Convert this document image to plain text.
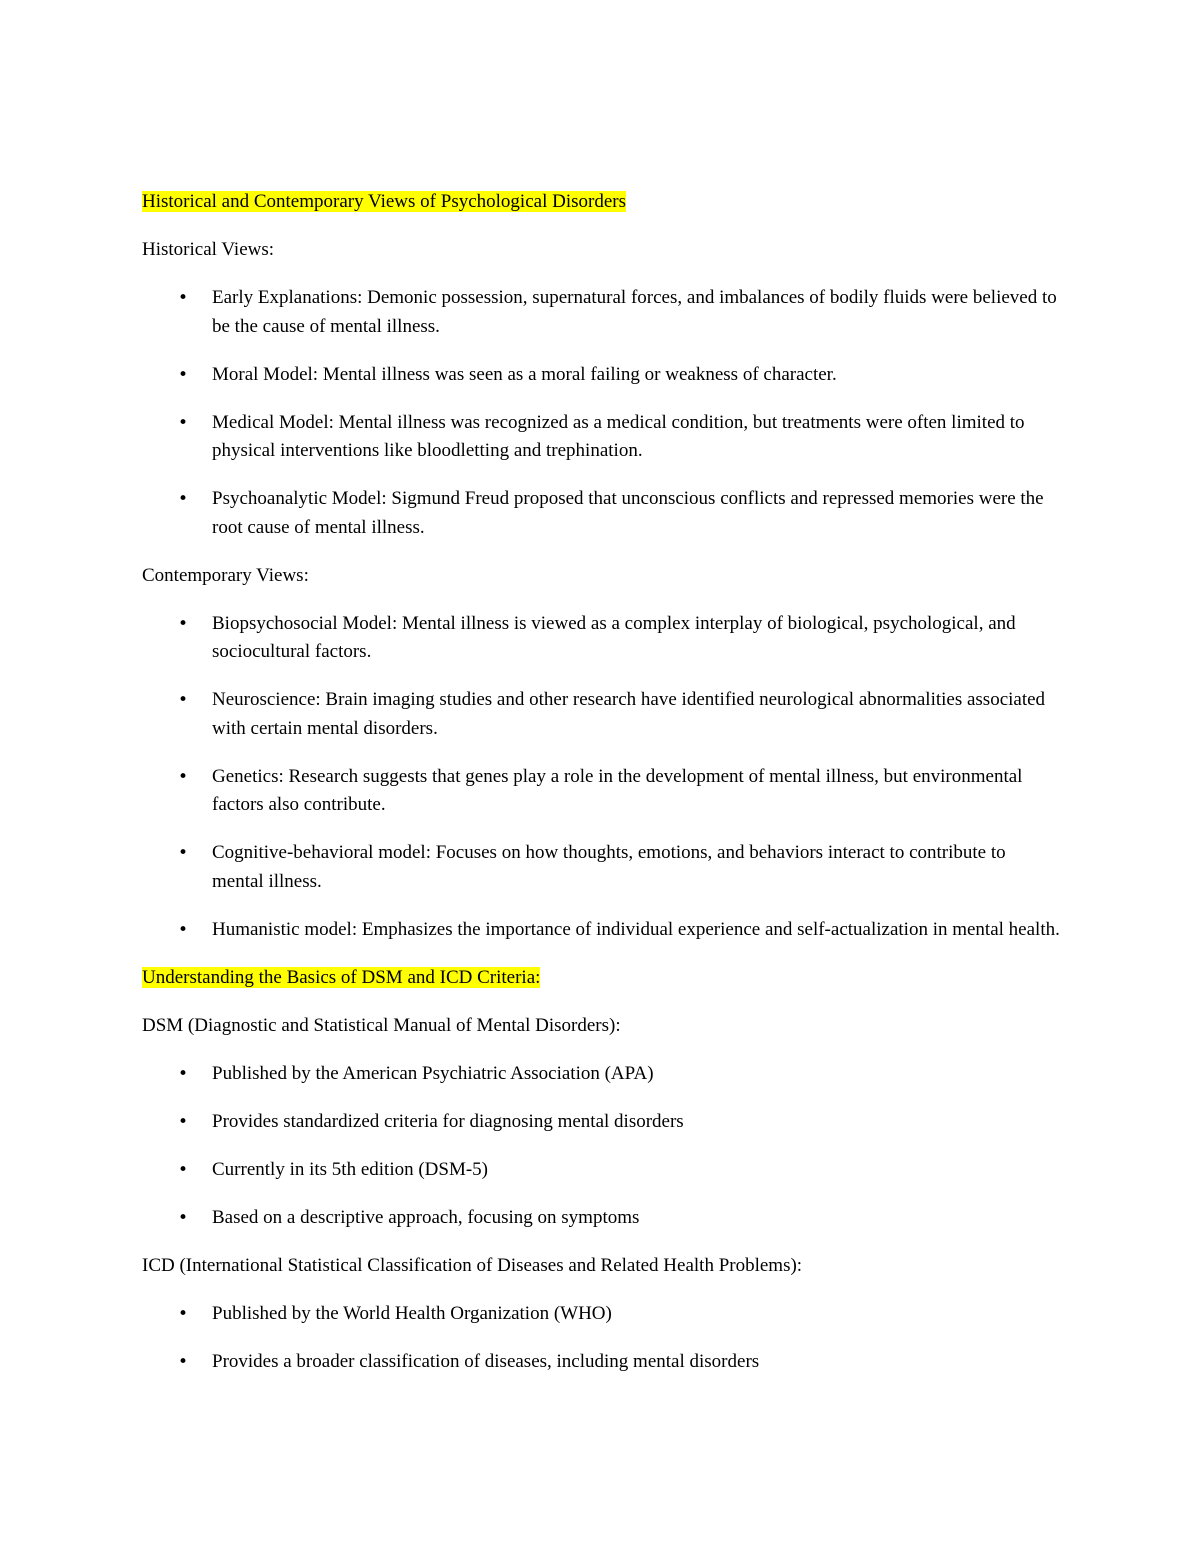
Historical and Contemporary Views of Psychological Disorders
Historical Views:
• Early Explanations: Demonic possession, supernatural forces, and imbalances of bodily fluids were believed to be the cause of mental illness.
• Moral Model: Mental illness was seen as a moral failing or weakness of character.
• Medical Model: Mental illness was recognized as a medical condition, but treatments were often limited to physical interventions like bloodletting and trephination.
• Psychoanalytic Model: Sigmund Freud proposed that unconscious conflicts and repressed memories were the root cause of mental illness.
Contemporary Views:
• Biopsychosocial Model: Mental illness is viewed as a complex interplay of biological, psychological, and sociocultural factors.
• Neuroscience: Brain imaging studies and other research have identified neurological abnormalities associated with certain mental disorders.
• Genetics: Research suggests that genes play a role in the development of mental illness, but environmental factors also contribute.
• Cognitive-behavioral model: Focuses on how thoughts, emotions, and behaviors interact to contribute to mental illness.
• Humanistic model: Emphasizes the importance of individual experience and self-actualization in mental health.
Understanding the Basics of DSM and ICD Criteria:
DSM (Diagnostic and Statistical Manual of Mental Disorders):
• Published by the American Psychiatric Association (APA)
• Provides standardized criteria for diagnosing mental disorders
• Currently in its 5th edition (DSM-5)
• Based on a descriptive approach, focusing on symptoms
ICD (International Statistical Classification of Diseases and Related Health Problems):
• Published by the World Health Organization (WHO)
• Provides a broader classification of diseases, including mental disorders
